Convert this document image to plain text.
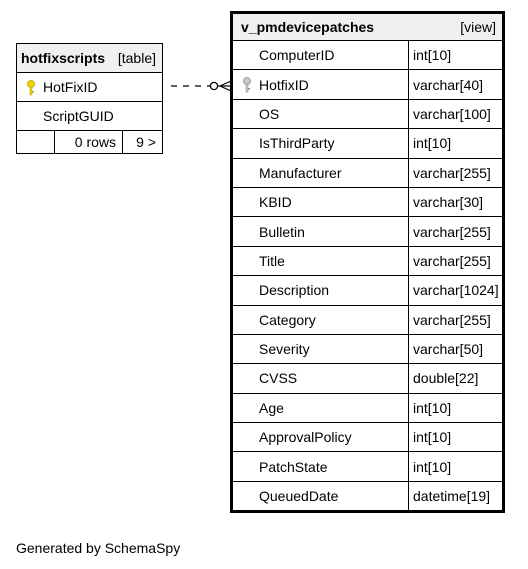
hotfixscripts [table]

HotFixID
ScriptGUID
	0 rows	9 >
v_pmdevicepatches [view]	

ComputerID	int[10]

HotfixID	varchar[40]
OS	varchar[100]
IsThirdParty	int[10]
Manufacturer	varchar[255]
KBID	varchar[30]
Bulletin	varchar[255]
Title	varchar[255]
Description	varchar[1024]
Category	varchar[255]
Severity	varchar[50]
CVSS	double[22]
Age	int[10]
ApprovalPolicy	int[10]
PatchState	int[10]
QueuedDate	datetime[19]
Generated by SchemaSpy
